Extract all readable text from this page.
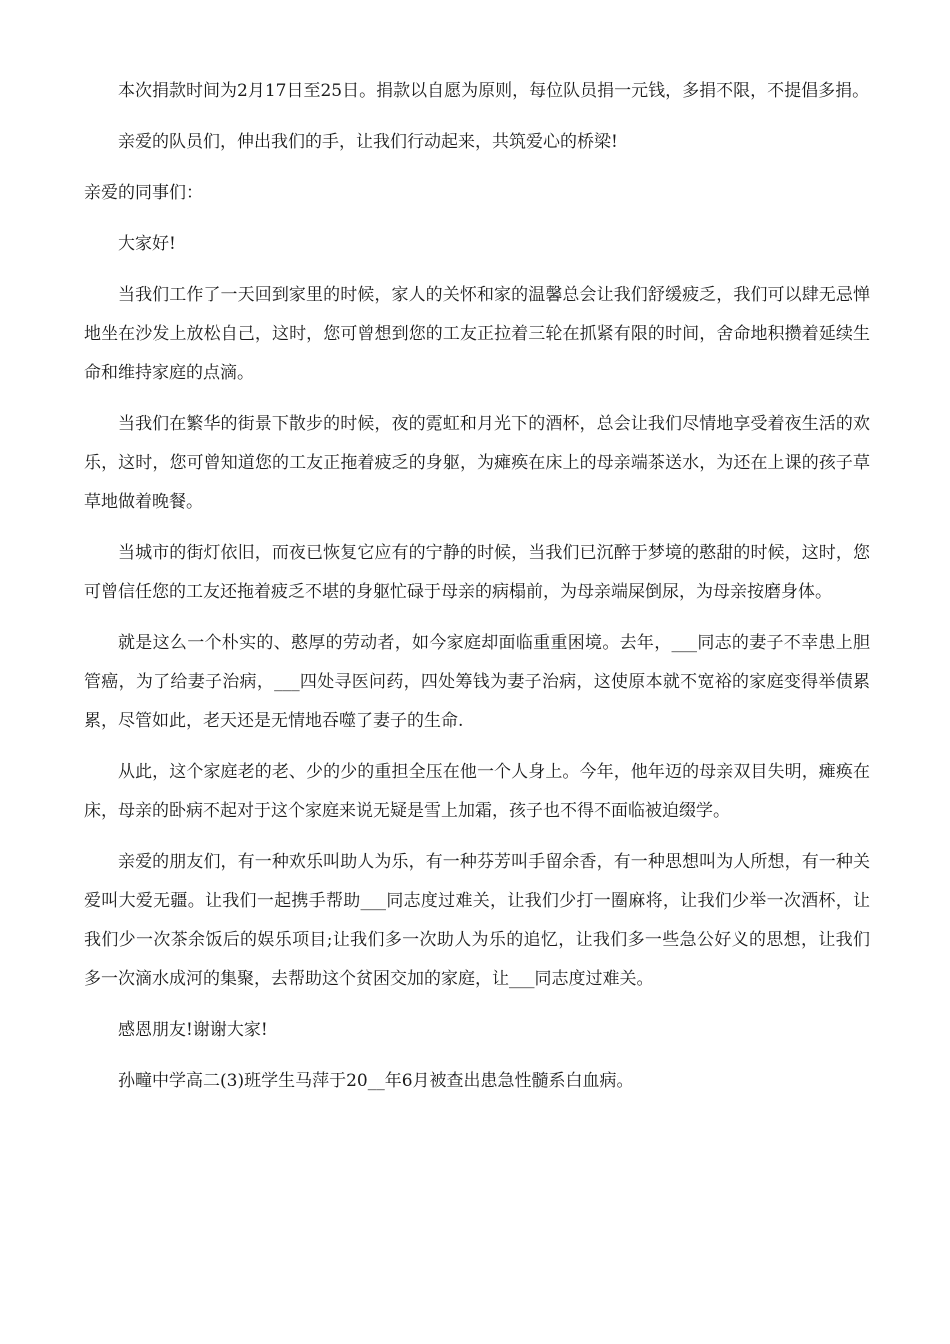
本次捐款时间为2月17日至25日。捐款以自愿为原则，每位队员捐一元钱，多捐不限，不提倡多捐。

亲爱的队员们，伸出我们的手，让我们行动起来，共筑爱心的桥梁!

亲爱的同事们：

大家好!

当我们工作了一天回到家里的时候，家人的关怀和家的温馨总会让我们舒缓疲乏，我们可以肆无忌惮地坐在沙发上放松自己，这时，您可曾想到您的工友正拉着三轮在抓紧有限的时间，舍命地积攒着延续生命和维持家庭的点滴。

当我们在繁华的街景下散步的时候，夜的霓虹和月光下的酒杯，总会让我们尽情地享受着夜生活的欢乐，这时，您可曾知道您的工友正拖着疲乏的身躯，为瘫痪在床上的母亲端茶送水，为还在上课的孩子草草地做着晚餐。

当城市的街灯依旧，而夜已恢复它应有的宁静的时候，当我们已沉醉于梦境的憨甜的时候，这时，您可曾信任您的工友还拖着疲乏不堪的身躯忙碌于母亲的病榻前，为母亲端屎倒尿，为母亲按磨身体。

就是这么一个朴实的、憨厚的劳动者，如今家庭却面临重重困境。去年，___同志的妻子不幸患上胆管癌，为了给妻子治病，___四处寻医问药，四处筹钱为妻子治病，这使原本就不宽裕的家庭变得举债累累，尽管如此，老天还是无情地吞噬了妻子的生命.

从此，这个家庭老的老、少的少的重担全压在他一个人身上。今年，他年迈的母亲双目失明，瘫痪在床，母亲的卧病不起对于这个家庭来说无疑是雪上加霜，孩子也不得不面临被迫缀学。

亲爱的朋友们，有一种欢乐叫助人为乐，有一种芬芳叫手留余香，有一种思想叫为人所想，有一种关爱叫大爱无疆。让我们一起携手帮助___同志度过难关，让我们少打一圈麻将，让我们少举一次酒杯，让我们少一次茶余饭后的娱乐项目;让我们多一次助人为乐的追忆，让我们多一些急公好义的思想，让我们多一次滴水成河的集聚，去帮助这个贫困交加的家庭，让___同志度过难关。

感恩朋友!谢谢大家!

孙疃中学高二(3)班学生马萍于20__年6月被查出患急性髓系白血病。
